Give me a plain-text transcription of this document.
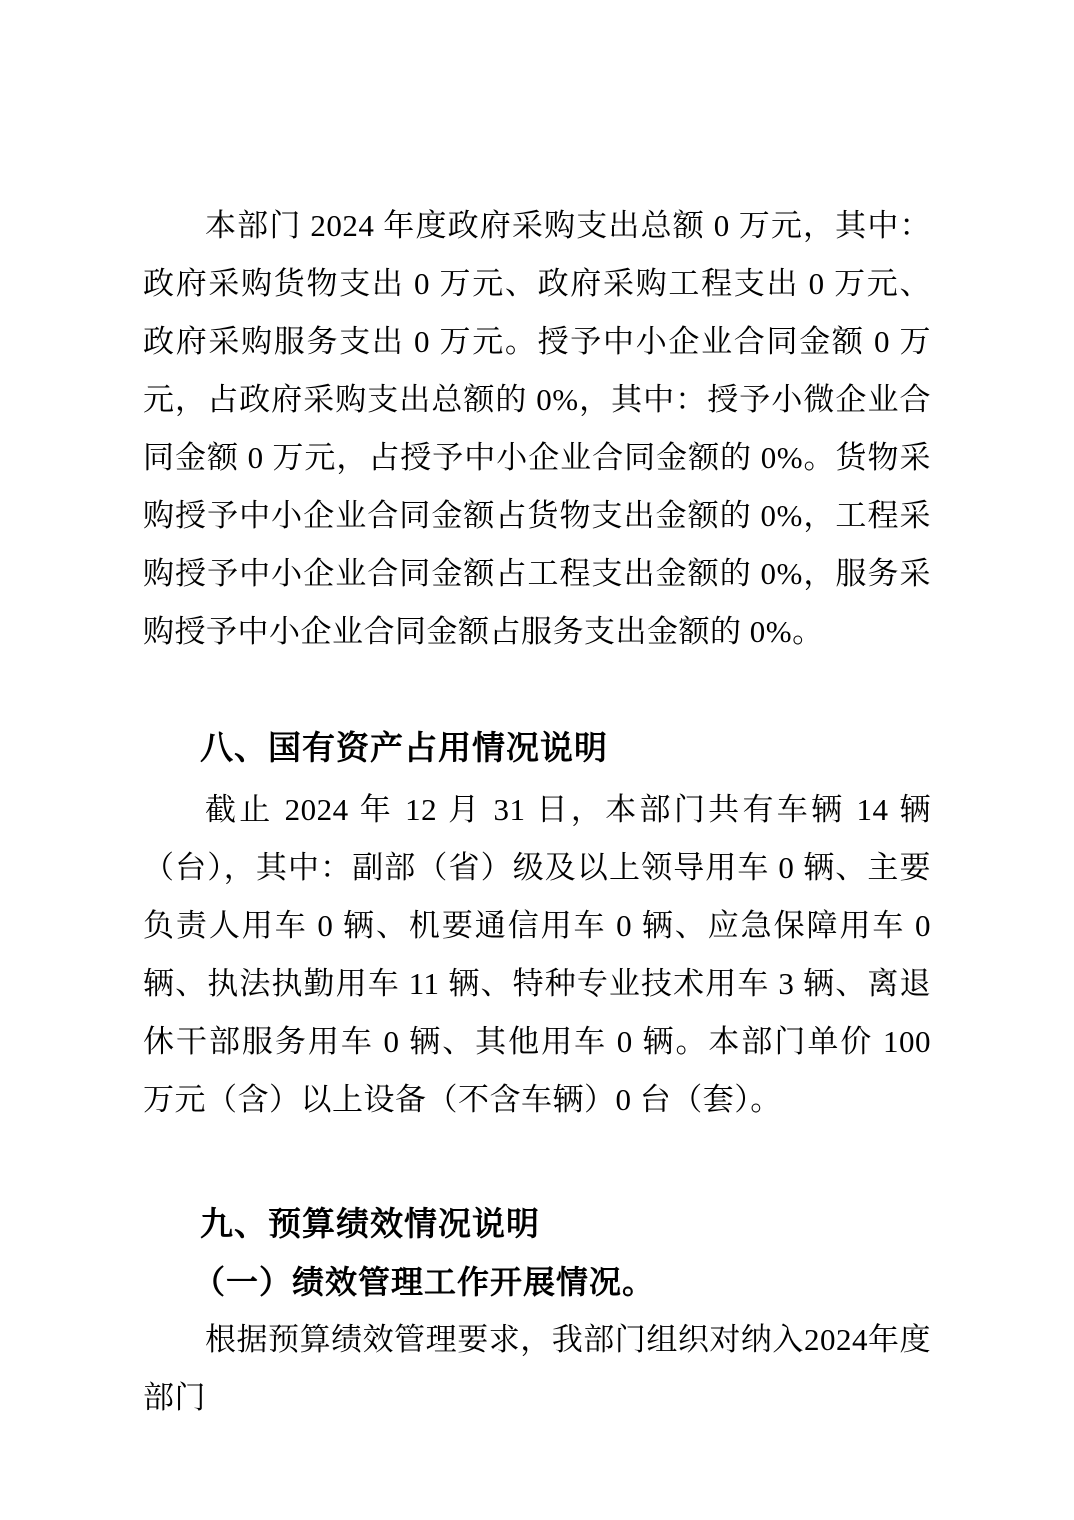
本部门 2024 年度政府采购支出总额 0 万元，其中：政府采购货物支出 0 万元、政府采购工程支出 0 万元、政府采购服务支出 0 万元。授予中小企业合同金额 0 万元，占政府采购支出总额的 0%，其中：授予小微企业合同金额 0 万元，占授予中小企业合同金额的 0%。货物采购授予中小企业合同金额占货物支出金额的 0%，工程采购授予中小企业合同金额占工程支出金额的 0%，服务采购授予中小企业合同金额占服务支出金额的 0%。

八、国有资产占用情况说明

截止 2024 年 12 月 31 日，本部门共有车辆 14 辆（台），其中：副部（省）级及以上领导用车 0 辆、主要负责人用车 0 辆、机要通信用车 0 辆、应急保障用车 0 辆、执法执勤用车 11 辆、特种专业技术用车 3 辆、离退休干部服务用车 0 辆、其他用车 0 辆。本部门单价 100 万元（含）以上设备（不含车辆）0 台（套）。

九、预算绩效情况说明
（一）绩效管理工作开展情况。

根据预算绩效管理要求，我部门组织对纳入2024年度部门
